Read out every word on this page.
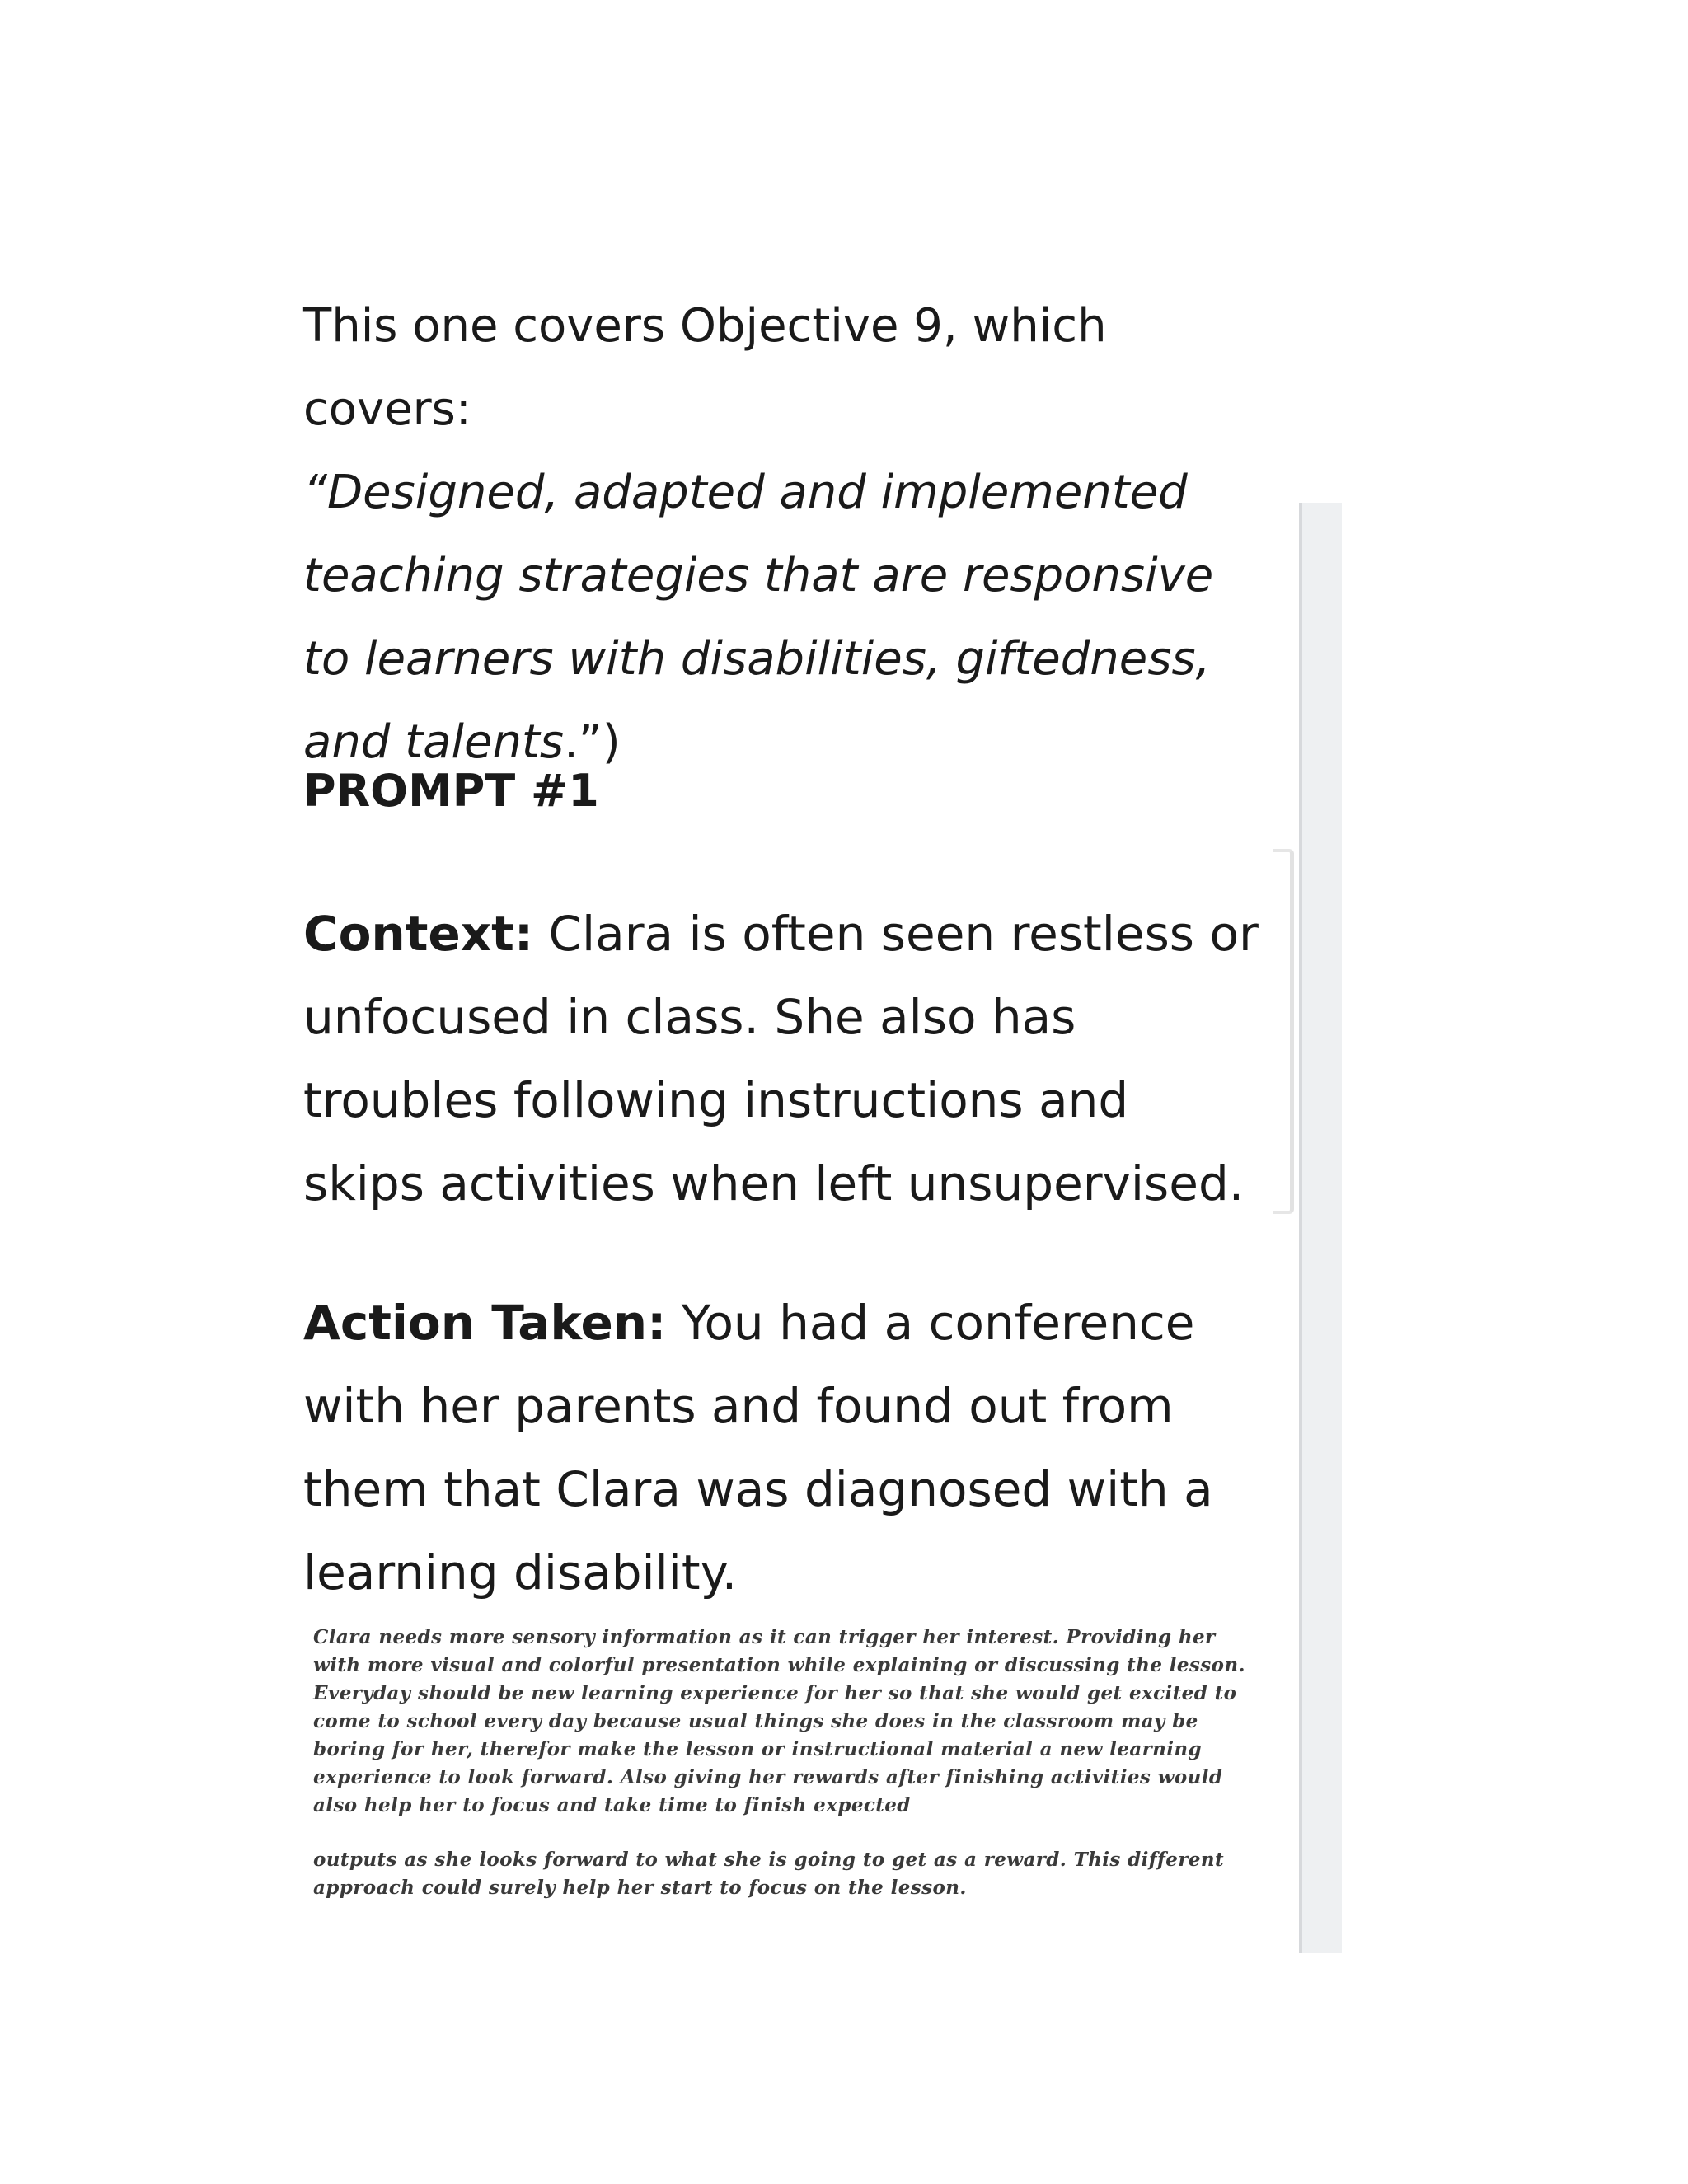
This one covers Objective 9, which covers:
“Designed, adapted and implemented teaching strategies that are responsive to learners with disabilities, giftedness, and talents.”)

PROMPT #1

Context: Clara is often seen restless or unfocused in class. She also has troubles following instructions and skips activities when left unsupervised.

Action Taken: You had a conference with her parents and found out from them that Clara was diagnosed with a learning disability.

Clara needs more sensory information as it can trigger her interest. Providing her with more visual and colorful presentation while explaining or discussing the lesson. Everyday should be new learning experience for her so that she would get excited to come to school every day because usual things she does in the classroom may be boring for her, therefor make the lesson or instructional material a new learning experience to look forward. Also giving her rewards after finishing activities would also help her to focus and take time to finish expected

outputs as she looks forward to what she is going to get as a reward. This different approach could surely help her start to focus on the lesson.
